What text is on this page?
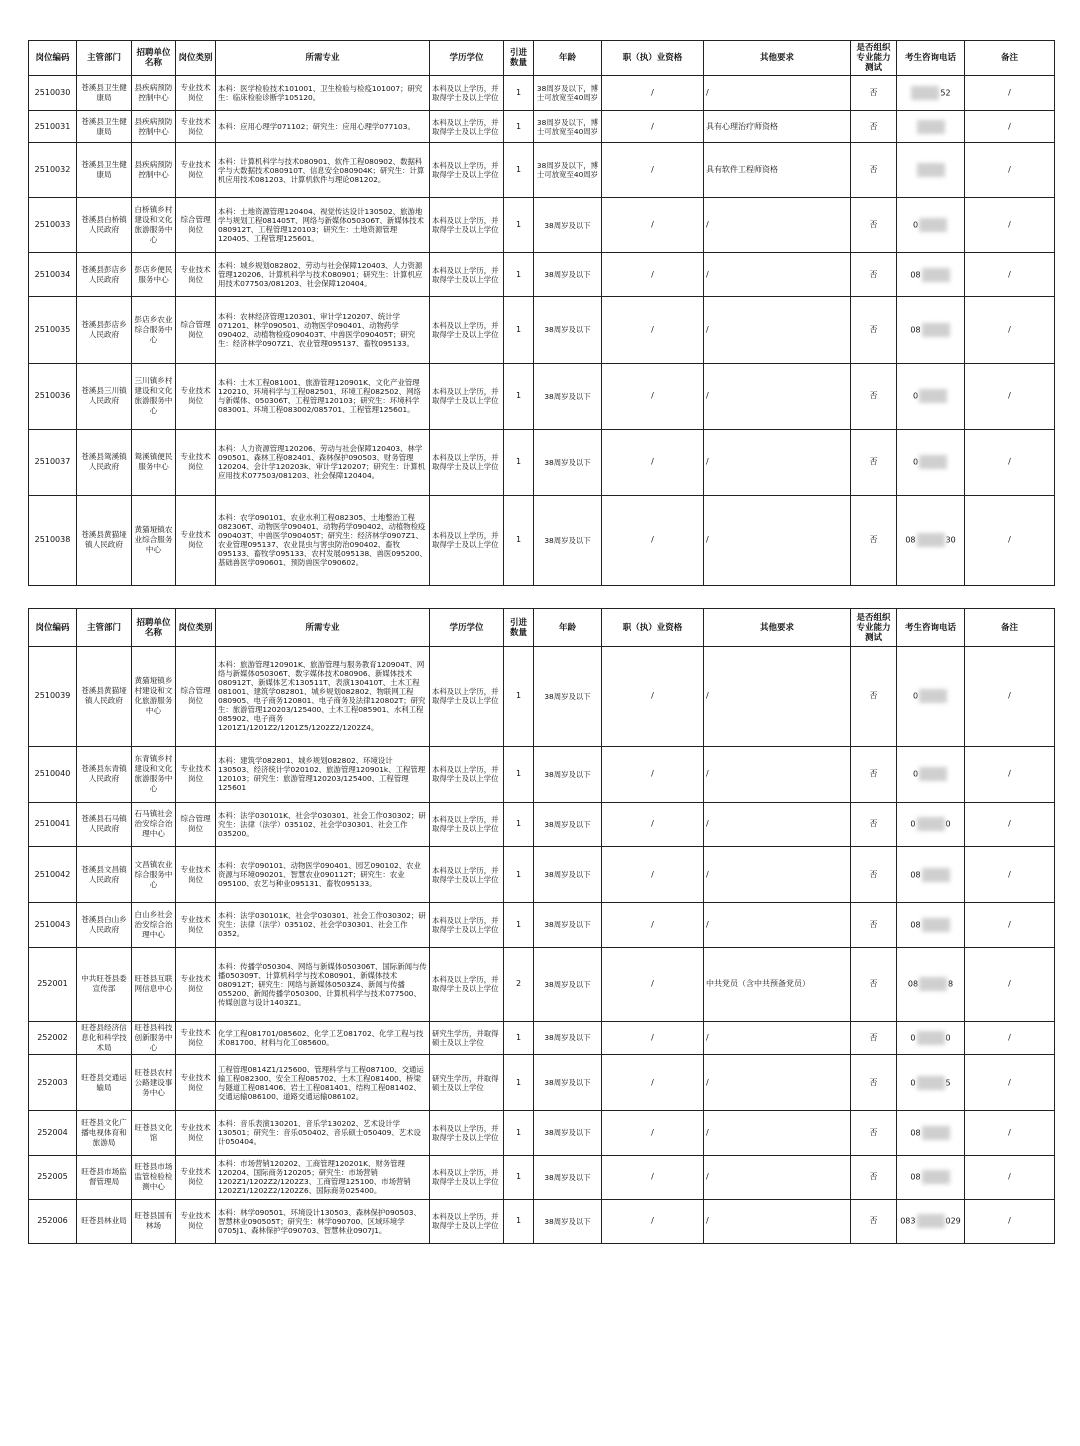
岗位编码	主管部门	招聘单位名称	岗位类别	所需专业	学历学位	引进数量	年龄	职（执）业资格	其他要求	是否组织专业能力测试	考生咨询电话	备注
2510030	苍溪县卫生健康局	县疾病预防控制中心	专业技术岗位	本科：医学检验技术101001、卫生检验与检疫101007；研究生：临床检验诊断学105120。	本科及以上学历，并取得学士及以上学位	1	38周岁及以下，博士可放宽至40周岁	/	/	否	52	/
2510031	苍溪县卫生健康局	县疾病预防控制中心	专业技术岗位	本科：应用心理学071102；研究生：应用心理学077103。	本科及以上学历，并取得学士及以上学位	1	38周岁及以下，博士可放宽至40周岁	/	具有心理治疗师资格	否		/
2510032	苍溪县卫生健康局	县疾病预防控制中心	专业技术岗位	本科：计算机科学与技术080901、软件工程080902、数据科学与大数据技术080910T、信息安全080904K；研究生：计算机应用技术081203、计算机软件与理论081202。	本科及以上学历，并取得学士及以上学位	1	38周岁及以下，博士可放宽至40周岁	/	具有软件工程师资格	否		/
2510033	苍溪县白桥镇人民政府	白桥镇乡村建设和文化旅游服务中心	综合管理岗位	本科：土地资源管理120404、视觉传达设计130502、旅游地学与规划工程081405T、网络与新媒体050306T、新媒体技术080912T、工程管理120103；研究生：土地资源管理120405、工程管理125601。	本科及以上学历，并取得学士及以上学位	1	38周岁及以下	/	/	否	0	/
2510034	苍溪县彭店乡人民政府	彭店乡便民服务中心	专业技术岗位	本科：城乡规划082802、劳动与社会保障120403、人力资源管理120206、计算机科学与技术080901；研究生：计算机应用技术077503/081203、社会保障120404。	本科及以上学历，并取得学士及以上学位	1	38周岁及以下	/	/	否	08	/
2510035	苍溪县彭店乡人民政府	彭店乡农业综合服务中心	综合管理岗位	本科：农林经济管理120301、审计学120207、统计学071201、林学090501、动物医学090401、动物药学090402、动植物检疫090403T、中兽医学090405T；研究生：经济林学0907Z1、农业管理095137、畜牧095133。	本科及以上学历，并取得学士及以上学位	1	38周岁及以下	/	/	否	08	/
2510036	苍溪县三川镇人民政府	三川镇乡村建设和文化旅游服务中心	专业技术岗位	本科：土木工程081001、旅游管理120901K、文化产业管理120210、环境科学与工程082501、环境工程082502、网络与新媒体、050306T、工程管理120103；研究生：环境科学083001、环境工程083002/085701、工程管理125601。	本科及以上学历，并取得学士及以上学位	1	38周岁及以下	/	/	否	0	/
2510037	苍溪县鸳溪镇人民政府	鸳溪镇便民服务中心	专业技术岗位	本科：人力资源管理120206、劳动与社会保障120403、林学090501、森林工程082401、森林保护090503、财务管理120204、会计学120203k、审计学120207；研究生：计算机应用技术077503/081203、社会保障120404。	本科及以上学历，并取得学士及以上学位	1	38周岁及以下	/	/	否	0	/
2510038	苍溪县黄猫垭镇人民政府	黄猫垭镇农业综合服务中心	专业技术岗位	本科：农学090101、农业水利工程082305、土地整治工程082306T、动物医学090401、动物药学090402、动植物检疫090403T、中兽医学090405T；研究生：经济林学0907Z1、农业管理095137、农业昆虫与害虫防治090402、畜牧095133、畜牧学095133、农村发展095138、兽医095200、基础兽医学090601、预防兽医学090602。	本科及以上学历，并取得学士及以上学位	1	38周岁及以下	/	/	否	08 30	/
岗位编码	主管部门	招聘单位名称	岗位类别	所需专业	学历学位	引进数量	年龄	职（执）业资格	其他要求	是否组织专业能力测试	考生咨询电话	备注
2510039	苍溪县黄猫垭镇人民政府	黄猫垭镇乡村建设和文化旅游服务中心	综合管理岗位	本科：旅游管理120901K、旅游管理与服务教育120904T、网络与新媒体050306T、数字媒体技术080906、新媒体技术080912T、新媒体艺术130511T、表演130410T、土木工程081001、建筑学082801、城乡规划082802、物联网工程080905、电子商务120801、电子商务及法律120802T；研究生：旅游管理120203/125400、土木工程085901、水利工程085902、电子商务1201Z1/1201Z2/1201Z5/1202Z2/1202Z4。	本科及以上学历，并取得学士及以上学位	1	38周岁及以下	/	/	否	0	/
2510040	苍溪县东青镇人民政府	东青镇乡村建设和文化旅游服务中心	专业技术岗位	本科：建筑学082801、城乡规划082802、环境设计130503、经济统计学020102、旅游管理120901k、工程管理120103；研究生：旅游管理120203/125400、工程管理125601	本科及以上学历，并取得学士及以上学位	1	38周岁及以下	/	/	否	0	/
2510041	苍溪县石马镇人民政府	石马镇社会治安综合治理中心	综合管理岗位	本科：法学030101K、社会学030301、社会工作030302；研究生：法律（法学）035102、社会学030301、社会工作035200。	本科及以上学历，并取得学士及以上学位	1	38周岁及以下	/	/	否	0 0	/
2510042	苍溪县文昌镇人民政府	文昌镇农业综合服务中心	专业技术岗位	本科：农学090101、动物医学090401、园艺090102、农业资源与环境090201、智慧农业090112T；研究生：农业095100、农艺与种业095131、畜牧095133。	本科及以上学历，并取得学士及以上学位	1	38周岁及以下	/	/	否	08	/
2510043	苍溪县白山乡人民政府	白山乡社会治安综合治理中心	专业技术岗位	本科：法学030101K、社会学030301、社会工作030302；研究生：法律（法学）035102、社会学030301、社会工作0352。	本科及以上学历，并取得学士及以上学位	1	38周岁及以下	/	/	否	08	/
252001	中共旺苍县委宣传部	旺苍县互联网信息中心	专业技术岗位	本科：传播学050304、网络与新媒体050306T、国际新闻与传播050309T、计算机科学与技术080901、新媒体技术080912T；研究生：网络与新媒体0503Z4、新闻与传播055200、新闻传播学050300、计算机科学与技术077500、传媒创意与设计1403Z1。	本科及以上学历，并取得学士及以上学位	2	38周岁及以下	/	中共党员（含中共预备党员）	否	08 8	/
252002	旺苍县经济信息化和科学技术局	旺苍县科技创新服务中心	专业技术岗位	化学工程081701/085602、化学工艺081702、化学工程与技术081700、材料与化工085600。	研究生学历，并取得硕士及以上学位	1	38周岁及以下	/	/	否	0 0	/
252003	旺苍县交通运输局	旺苍县农村公路建设事务中心	专业技术岗位	工程管理0814Z1/125600、管理科学与工程087100、交通运输工程082300、安全工程085702、土木工程081400、桥梁与隧道工程081406、岩土工程081401、结构工程081402、交通运输086100、道路交通运输086102。	研究生学历，并取得硕士及以上学位	1	38周岁及以下	/	/	否	0 5	/
252004	旺苍县文化广播电视体育和旅游局	旺苍县文化馆	专业技术岗位	本科：音乐表演130201、音乐学130202、艺术设计学130501；研究生：音乐050402、音乐硕士050409、艺术设计050404。	本科及以上学历，并取得学士及以上学位	1	38周岁及以下	/	/	否	08	/
252005	旺苍县市场监督管理局	旺苍县市场监管检验检测中心	专业技术岗位	本科：市场营销120202、工商管理120201K、财务管理120204、国际商务120205；研究生：市场营销1202Z1/1202Z2/1202Z3、工商管理125100、市场营销1202Z1/1202Z2/1202Z6、国际商务025400。	本科及以上学历，并取得学士及以上学位	1	38周岁及以下	/	/	否	08	/
252006	旺苍县林业局	旺苍县国有林场	专业技术岗位	本科：林学090501、环境设计130503、森林保护090503、智慧林业090505T；研究生：林学090700、区域环境学0705J1、森林保护学090703、智慧林业0907J1。	本科及以上学历，并取得学士及以上学位	1	38周岁及以下	/	/	否	083 029	/
